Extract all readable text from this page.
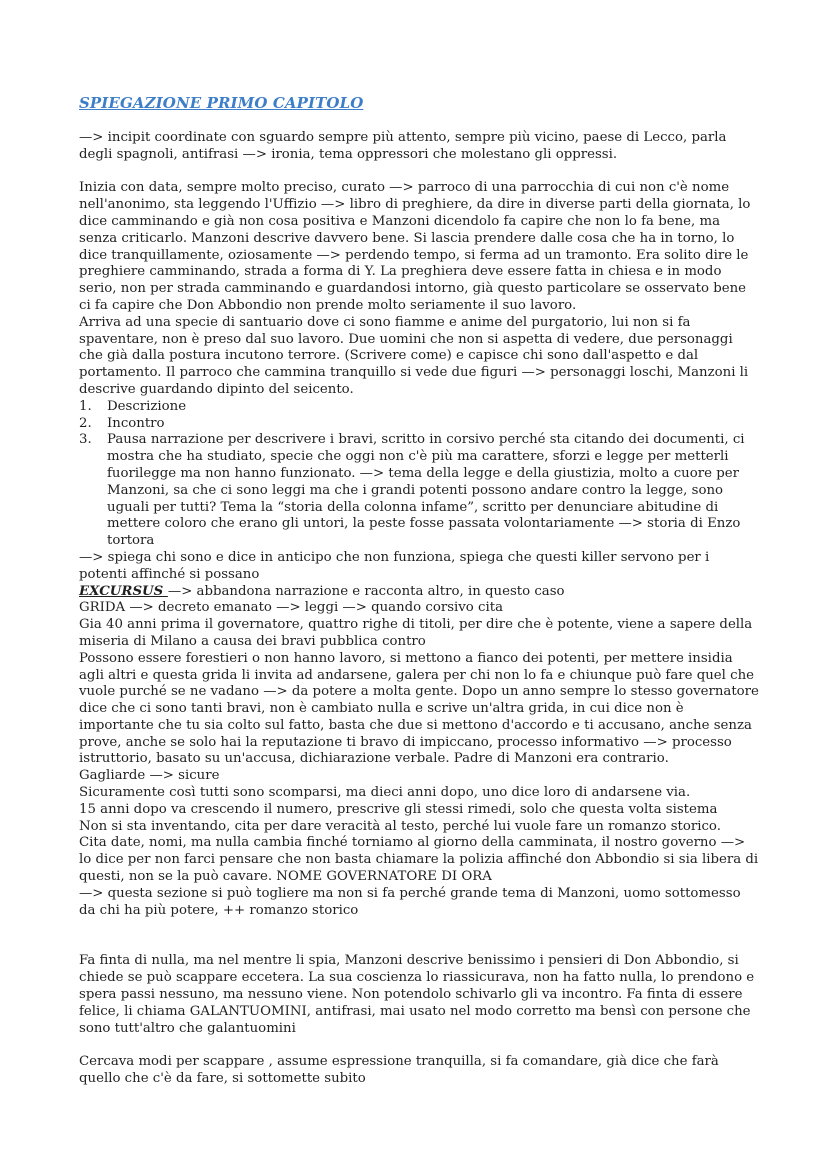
SPIEGAZIONE PRIMO CAPITOLO

—> incipit coordinate con sguardo sempre più attento, sempre più vicino, paese di Lecco, parla degli spagnoli, antifrasi —> ironia, tema oppressori che molestano gli oppressi.

Inizia con data, sempre molto preciso, curato —> parroco di una parrocchia di cui non c'è nome nell'anonimo, sta leggendo l'Uffizio —> libro di preghiere, da dire in diverse parti della giornata, lo dice camminando e già non cosa positiva e Manzoni dicendolo fa capire che non lo fa bene, ma senza criticarlo. Manzoni descrive davvero bene. Si lascia prendere dalle cosa che ha in torno, lo dice tranquillamente, oziosamente —> perdendo tempo, si ferma ad un tramonto. Era solito dire le preghiere camminando, strada a forma di Y. La preghiera deve essere fatta in chiesa e in modo serio, non per strada camminando e guardandosi intorno, già questo particolare se osservato bene ci fa capire che Don Abbondio non prende molto seriamente il suo lavoro.

Arriva ad una specie di santuario dove ci sono fiamme e anime del purgatorio, lui non si fa spaventare, non è preso dal suo lavoro. Due uomini che non si aspetta di vedere, due personaggi che già dalla postura incutono terrore. (Scrivere come) e capisce chi sono dall'aspetto e dal portamento. Il parroco che cammina tranquillo si vede due figuri —> personaggi loschi, Manzoni li descrive guardando dipinto del seicento.

1. Descrizione
2. Incontro
3. Pausa narrazione per descrivere i bravi, scritto in corsivo perché sta citando dei documenti, ci mostra che ha studiato, specie che oggi non c'è più ma carattere, sforzi e legge per metterli fuorilegge ma non hanno funzionato. —> tema della legge e della giustizia, molto a cuore per Manzoni, sa che ci sono leggi ma che i grandi potenti possono andare contro la legge, sono uguali per tutti? Tema la “storia della colonna infame”, scritto per denunciare abitudine di mettere coloro che erano gli untori, la peste fosse passata volontariamente —> storia di Enzo tortora

—> spiega chi sono e dice in anticipo che non funziona, spiega che questi killer servono per i potenti affinché si possano

EXCURSUS —> abbandona narrazione e racconta altro, in questo caso

GRIDA —> decreto emanato —> leggi —> quando corsivo cita

Gia 40 anni prima il governatore, quattro righe di titoli, per dire che è potente, viene a sapere della miseria di Milano a causa dei bravi pubblica contro

Possono essere forestieri o non hanno lavoro, si mettono a fianco dei potenti, per mettere insidia agli altri e questa grida li invita ad andarsene, galera per chi non lo fa e chiunque può fare quel che vuole purché se ne vadano —> da potere a molta gente. Dopo un anno sempre lo stesso governatore dice che ci sono tanti bravi, non è cambiato nulla e scrive un'altra grida, in cui dice non è importante che tu sia colto sul fatto, basta che due si mettono d'accordo e ti accusano, anche senza prove, anche se solo hai la reputazione ti bravo di impiccano, processo informativo —> processo istruttorio, basato su un'accusa, dichiarazione verbale. Padre di Manzoni era contrario.

Gagliarde —> sicure

Sicuramente così tutti sono scomparsi, ma dieci anni dopo, uno dice loro di andarsene via.

15 anni dopo va crescendo il numero, prescrive gli stessi rimedi, solo che questa volta sistema

Non si sta inventando, cita per dare veracità al testo, perché lui vuole fare un romanzo storico.

Cita date, nomi, ma nulla cambia finché torniamo al giorno della camminata, il nostro governo —> lo dice per non farci pensare che non basta chiamare la polizia affinché don Abbondio si sia libera di questi, non se la può cavare. NOME GOVERNATORE DI ORA

—> questa sezione si può togliere ma non si fa perché grande tema di Manzoni, uomo sottomesso da chi ha più potere, ++ romanzo storico

Fa finta di nulla, ma nel mentre li spia, Manzoni descrive benissimo i pensieri di Don Abbondio, si chiede se può scappare eccetera. La sua coscienza lo riassicurava, non ha fatto nulla, lo prendono e spera passi nessuno, ma nessuno viene. Non potendolo schivarlo gli va incontro. Fa finta di essere felice, li chiama GALANTUOMINI, antifrasi, mai usato nel modo corretto ma bensì con persone che sono tutt'altro che galantuomini

Cercava modi per scappare , assume espressione tranquilla, si fa comandare, già dice che farà quello che c'è da fare, si sottomette subito
